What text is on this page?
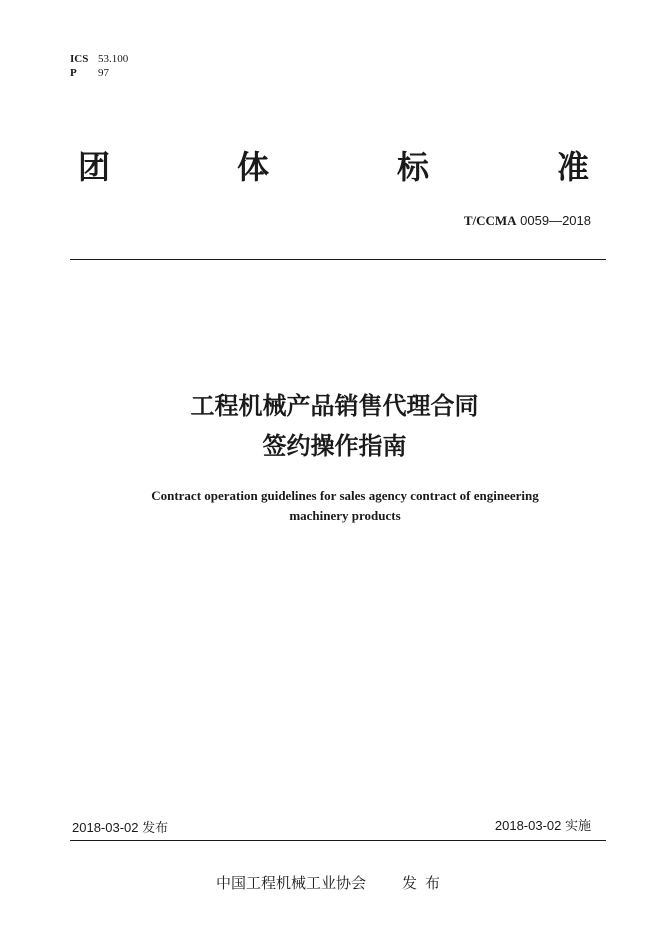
ICS 53.100
P 97
团	体	标	准
T/CCMA 0059—2018
工程机械产品销售代理合同
签约操作指南
Contract operation guidelines for sales agency contract of engineering
machinery products
2018-03-02 发布	2018-03-02 实施
中国工程机械工业协会 发布
